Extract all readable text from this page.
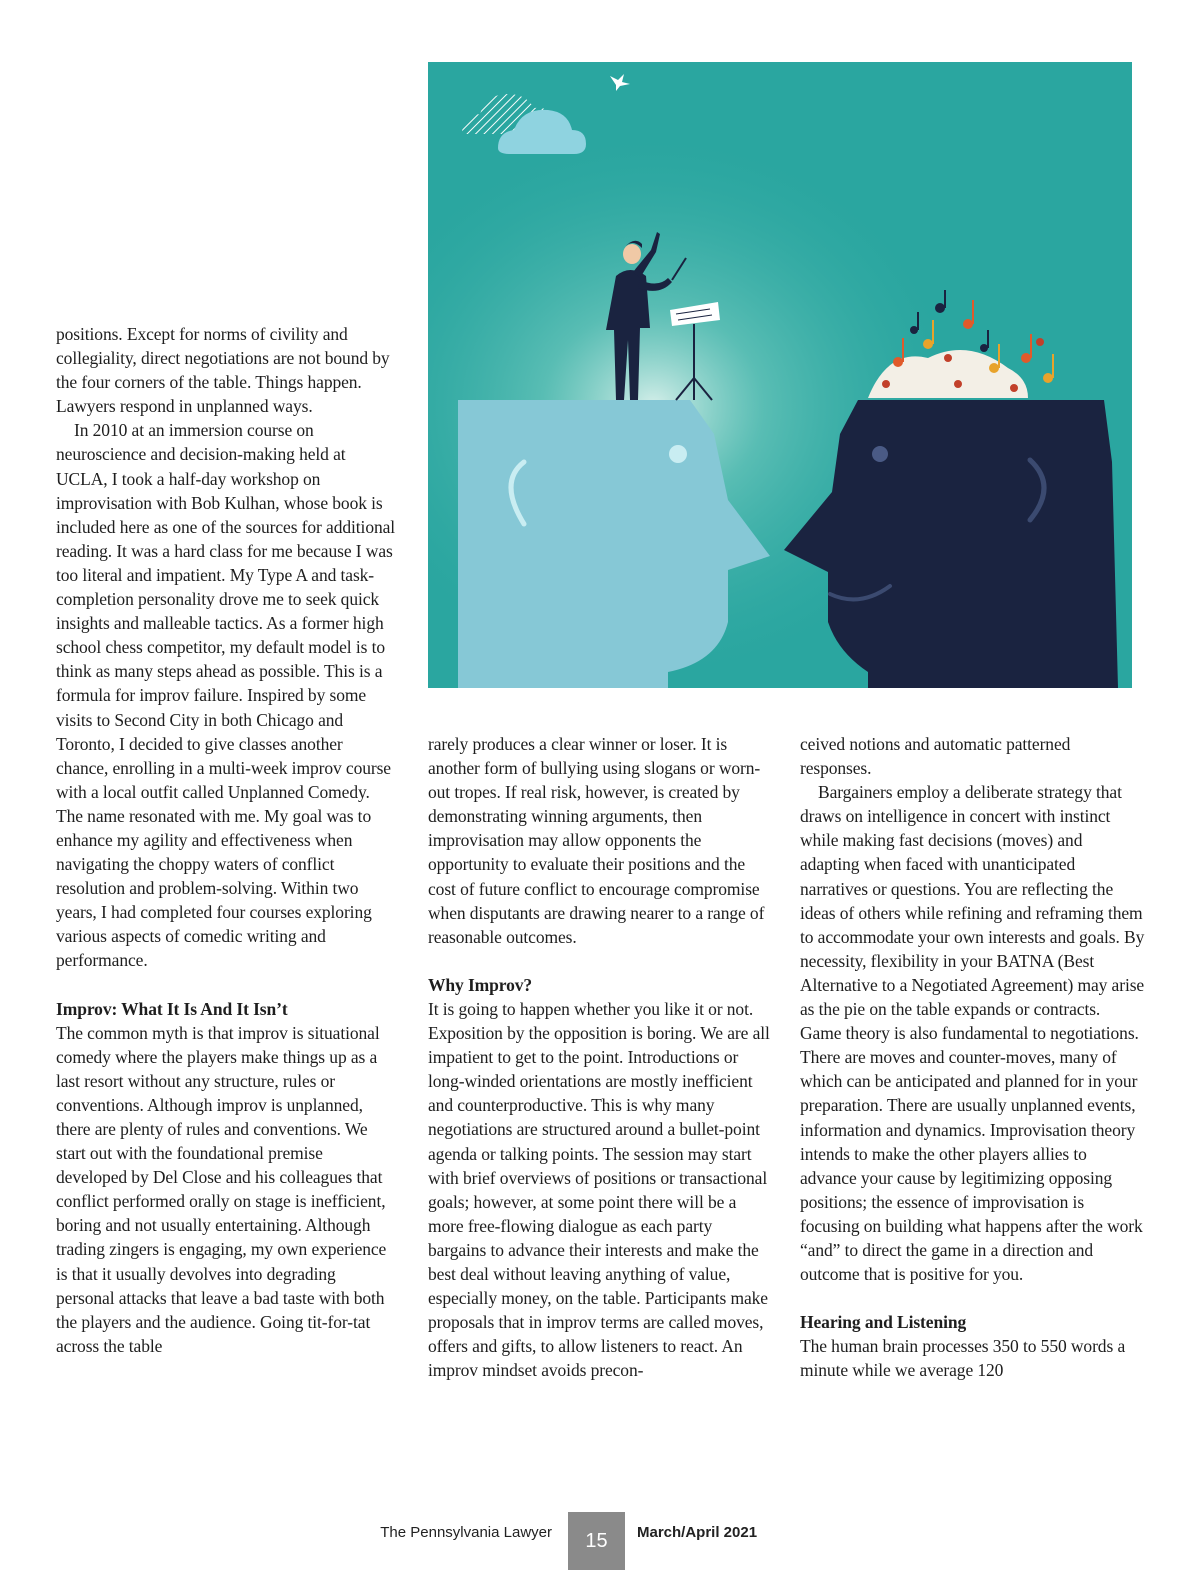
positions. Except for norms of civility and collegiality, direct negotiations are not bound by the four corners of the table. Things happen. Lawyers respond in unplanned ways.

In 2010 at an immersion course on neuroscience and decision-making held at UCLA, I took a half-day workshop on improvisation with Bob Kulhan, whose book is included here as one of the sources for additional reading. It was a hard class for me because I was too literal and impatient. My Type A and task-completion personality drove me to seek quick insights and malleable tactics. As a former high school chess competitor, my default model is to think as many steps ahead as possible. This is a formula for improv failure. Inspired by some visits to Second City in both Chicago and Toronto, I decided to give classes another chance, enrolling in a multi-week improv course with a local outfit called Unplanned Comedy. The name resonated with me. My goal was to enhance my agility and effectiveness when navigating the choppy waters of conflict resolution and problem-solving. Within two years, I had completed four courses exploring various aspects of comedic writing and performance.

Improv: What It Is And It Isn’t

The common myth is that improv is situational comedy where the players make things up as a last resort without any structure, rules or conventions. Although improv is unplanned, there are plenty of rules and conventions. We start out with the foundational premise developed by Del Close and his colleagues that conflict performed orally on stage is inefficient, boring and not usually entertaining. Although trading zingers is engaging, my own experience is that it usually devolves into degrading personal attacks that leave a bad taste with both the players and the audience. Going tit-for-tat across the table

rarely produces a clear winner or loser. It is another form of bullying using slogans or worn-out tropes. If real risk, however, is created by demonstrating winning arguments, then improvisation may allow opponents the opportunity to evaluate their positions and the cost of future conflict to encourage compromise when disputants are drawing nearer to a range of reasonable outcomes.

Why Improv?

It is going to happen whether you like it or not. Exposition by the opposition is boring. We are all impatient to get to the point. Introductions or long-winded orientations are mostly inefficient and counterproductive. This is why many negotiations are structured around a bullet-point agenda or talking points. The session may start with brief overviews of positions or transactional goals; however, at some point there will be a more free-flowing dialogue as each party bargains to advance their interests and make the best deal without leaving anything of value, especially money, on the table. Participants make proposals that in improv terms are called moves, offers and gifts, to allow listeners to react. An improv mindset avoids precon-

ceived notions and automatic patterned responses.

Bargainers employ a deliberate strategy that draws on intelligence in concert with instinct while making fast decisions (moves) and adapting when faced with unanticipated narratives or questions. You are reflecting the ideas of others while refining and reframing them to accommodate your own interests and goals. By necessity, flexibility in your BATNA (Best Alternative to a Negotiated Agreement) may arise as the pie on the table expands or contracts. Game theory is also fundamental to negotiations. There are moves and counter-moves, many of which can be anticipated and planned for in your preparation. There are usually unplanned events, information and dynamics. Improvisation theory intends to make the other players allies to advance your cause by legitimizing opposing positions; the essence of improvisation is focusing on building what happens after the work “and” to direct the game in a direction and outcome that is positive for you.

Hearing and Listening

The human brain processes 350 to 550 words a minute while we average 120

The Pennsylvania Lawyer	15	March/April 2021
